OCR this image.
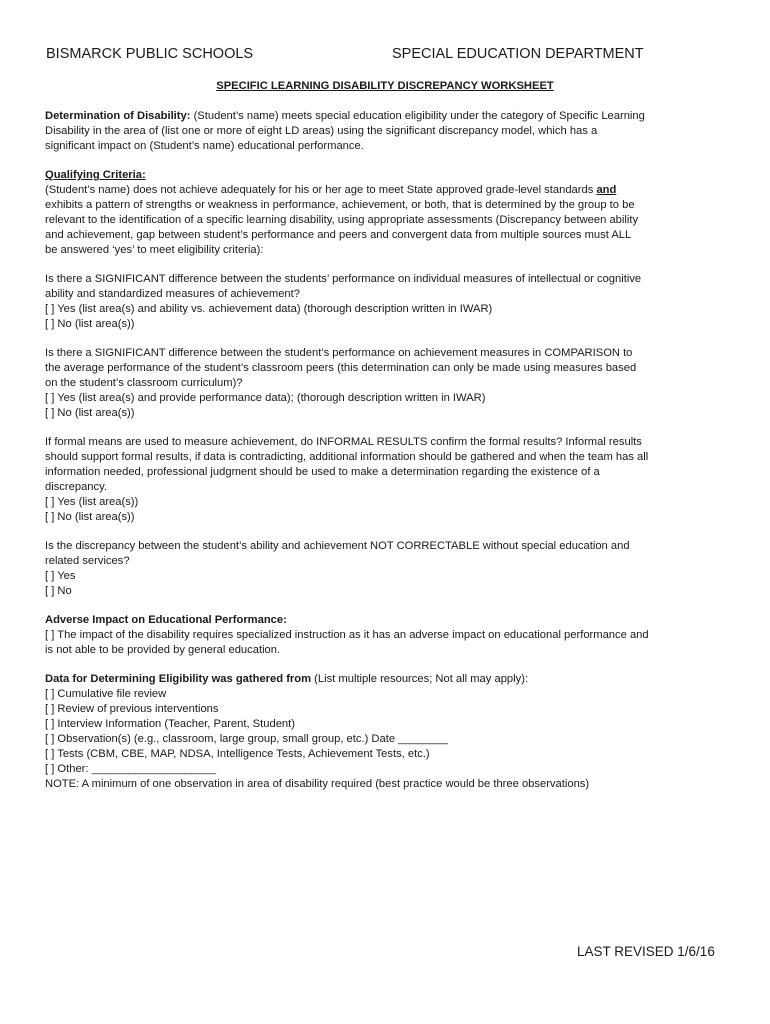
BISMARCK PUBLIC SCHOOLS	SPECIAL EDUCATION DEPARTMENT
SPECIFIC LEARNING DISABILITY DISCREPANCY WORKSHEET
Determination of Disability: (Student’s name) meets special education eligibility under the category of Specific Learning
Disability in the area of (list one or more of eight LD areas) using the significant discrepancy model, which has a
significant impact on (Student’s name) educational performance.
Qualifying Criteria:
(Student’s name) does not achieve adequately for his or her age to meet State approved grade-level standards and
exhibits a pattern of strengths or weakness in performance, achievement, or both, that is determined by the group to be
relevant to the identification of a specific learning disability, using appropriate assessments (Discrepancy between ability
and achievement, gap between student’s performance and peers and convergent data from multiple sources must ALL
be answered ‘yes’ to meet eligibility criteria):
Is there a SIGNIFICANT difference between the students’ performance on individual measures of intellectual or cognitive
ability and standardized measures of achievement?
[ ] Yes (list area(s) and ability vs. achievement data) (thorough description written in IWAR)
[ ] No (list area(s))
Is there a SIGNIFICANT difference between the student’s performance on achievement measures in COMPARISON to
the average performance of the student’s classroom peers (this determination can only be made using measures based
on the student’s classroom curriculum)?
[ ] Yes (list area(s) and provide performance data); (thorough description written in IWAR)
[ ] No (list area(s))
If formal means are used to measure achievement, do INFORMAL RESULTS confirm the formal results? Informal results
should support formal results, if data is contradicting, additional information should be gathered and when the team has all
information needed, professional judgment should be used to make a determination regarding the existence of a
discrepancy.
[ ] Yes (list area(s))
[ ] No (list area(s))
Is the discrepancy between the student’s ability and achievement NOT CORRECTABLE without special education and
related services?
[ ] Yes
[ ] No
Adverse Impact on Educational Performance:
[ ] The impact of the disability requires specialized instruction as it has an adverse impact on educational performance and
is not able to be provided by general education.
Data for Determining Eligibility was gathered from (List multiple resources; Not all may apply):
[ ] Cumulative file review
[ ] Review of previous interventions
[ ] Interview Information (Teacher, Parent, Student)
[ ] Observation(s) (e.g., classroom, large group, small group, etc.) Date ________
[ ] Tests (CBM, CBE, MAP, NDSA, Intelligence Tests, Achievement Tests, etc.)
[ ] Other: ____________________
NOTE: A minimum of one observation in area of disability required (best practice would be three observations)
LAST REVISED 1/6/16
